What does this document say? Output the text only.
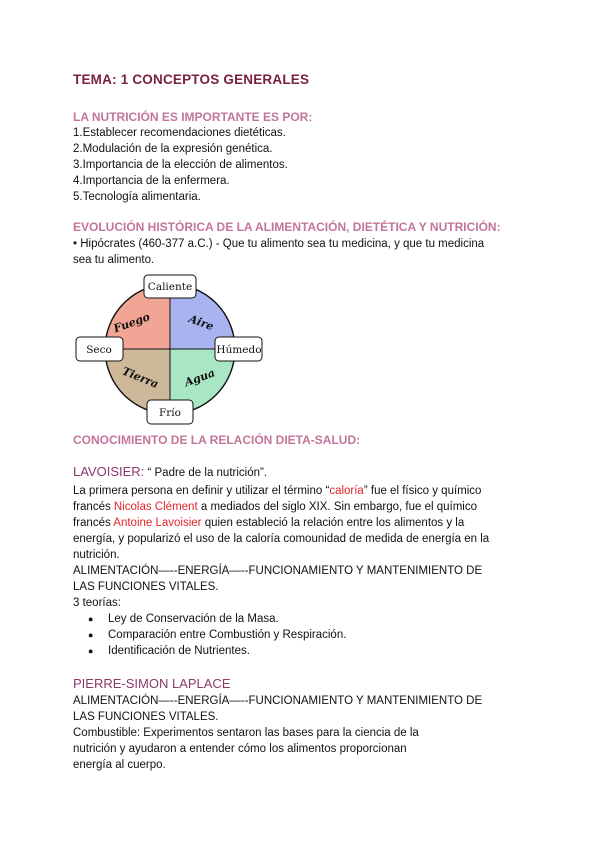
TEMA: 1 CONCEPTOS GENERALES
LA NUTRICIÓN ES IMPORTANTE ES POR:
1.Establecer recomendaciones dietéticas.
2.Modulación de la expresión genética.
3.Importancia de la elección de alimentos.
4.Importancia de la enfermera.
5.Tecnología alimentaria.
EVOLUCIÓN HISTÓRICA DE LA ALIMENTACIÓN, DIETÉTICA Y NUTRICIÓN:
• Hipócrates (460-377 a.C.) - Que tu alimento sea tu medicina, y que tu medicina
sea tu alimento.
Fuego	Aire
Tierra Agua
Caliente
Seco	Húmedo
Frío
CONOCIMIENTO DE LA RELACIÓN DIETA-SALUD:
LAVOISIER: “ Padre de la nutrición”.
La primera persona en definir y utilizar el término “caloría” fue el físico y químico
francés Nicolas Clément a mediados del siglo XIX. Sin embargo, fue el químico
francés Antoine Lavoisier quien estableció la relación entre los alimentos y la
energía, y popularizó el uso de la caloría comounidad de medida de energía en la
nutrición.
ALIMENTACIÓN—--ENERGÍA—--FUNCIONAMIENTO Y MANTENIMIENTO DE
LAS FUNCIONES VITALES.
3 teorías:
● Ley de Conservación de la Masa.
● Comparación entre Combustión y Respiración.
● Identificación de Nutrientes.
PIERRE-SIMON LAPLACE
ALIMENTACIÓN—--ENERGÍA—--FUNCIONAMIENTO Y MANTENIMIENTO DE
LAS FUNCIONES VITALES.
Combustible: Experimentos sentaron las bases para la ciencia de la
nutrición y ayudaron a entender cómo los alimentos proporcionan
energía al cuerpo.
